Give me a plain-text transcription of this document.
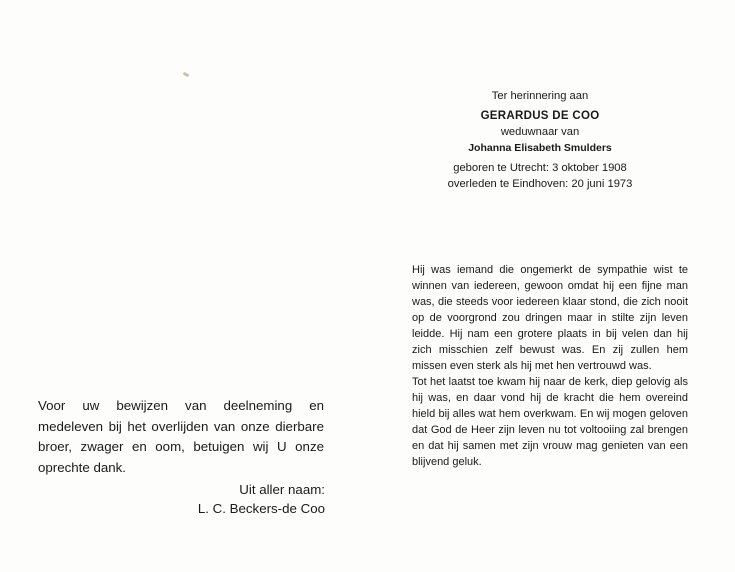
Ter herinnering aan
GERARDUS DE COO
weduwnaar van
Johanna Elisabeth Smulders
geboren te Utrecht: 3 oktober 1908
overleden te Eindhoven: 20 juni 1973

Hij was iemand die ongemerkt de sympathie wist te winnen van iedereen, gewoon omdat hij een fijne man was, die steeds voor iedereen klaar stond, die zich nooit op de voorgrond zou dringen maar in stilte zijn leven leidde. Hij nam een grotere plaats in bij velen dan hij zich misschien zelf bewust was. En zij zullen hem missen even sterk als hij met hen vertrouwd was.

Tot het laatst toe kwam hij naar de kerk, diep gelovig als hij was, en daar vond hij de kracht die hem overeind hield bij alles wat hem overkwam. En wij mogen geloven dat God de Heer zijn leven nu tot voltooiing zal brengen en dat hij samen met zijn vrouw mag genieten van een blijvend geluk.

Voor uw bewijzen van deelneming en medeleven bij het overlijden van onze dierbare broer, zwager en oom, betuigen wij U onze oprechte dank.

Uit aller naam:
L. C. Beckers-de Coo
